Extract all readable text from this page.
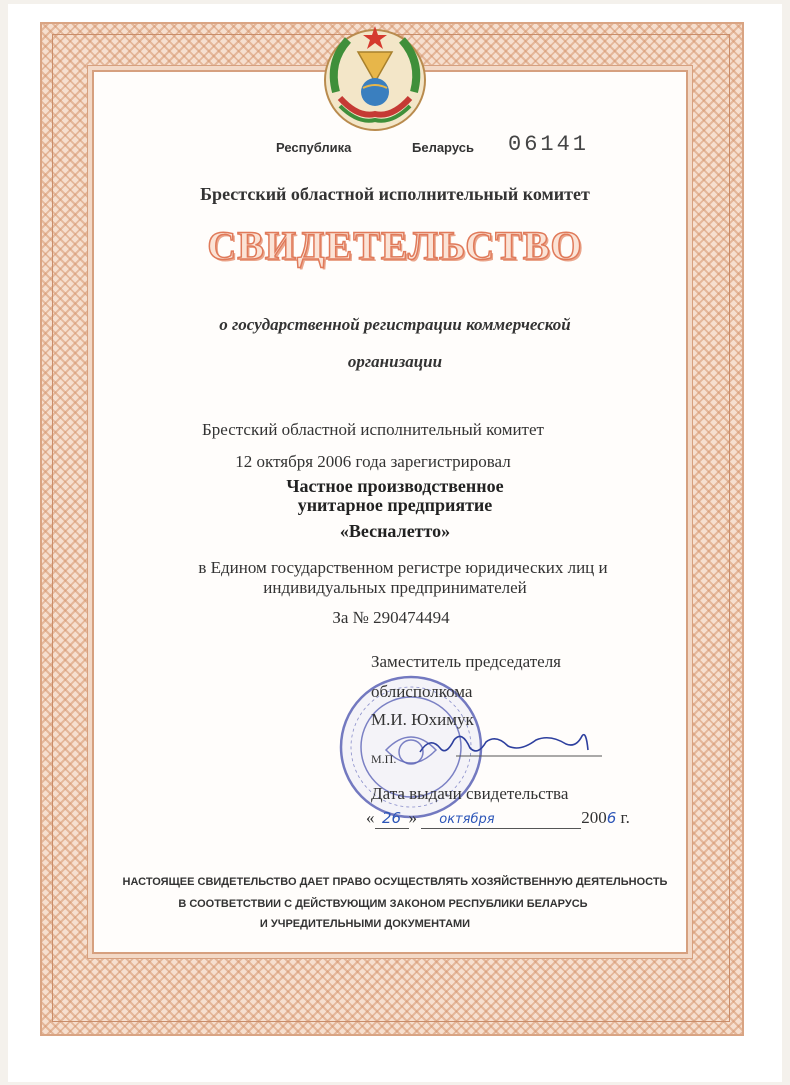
Республика	Беларусь 06141
Брестский областной исполнительный комитет
СВИДЕТЕЛЬСТВО
о государственной регистрации коммерческой
организации
Брестский областной исполнительный комитет
12 октября 2006 года зарегистрировал
Частное производственное
унитарное предприятие
«Весналетто»
в Едином государственном регистре юридических лиц и
индивидуальных предпринимателей
За № 290474494
Заместитель председателя
облисполкома
М.И. Юхимук
М.П.
Дата выдачи свидетельства
« 26 » октября	2006 г.
НАСТОЯЩЕЕ СВИДЕТЕЛЬСТВО ДАЕТ ПРАВО ОСУЩЕСТВЛЯТЬ ХОЗЯЙСТВЕННУЮ ДЕЯТЕЛЬНОСТЬ
В СООТВЕТСТВИИ С ДЕЙСТВУЮЩИМ ЗАКОНОМ РЕСПУБЛИКИ БЕЛАРУСЬ
И УЧРЕДИТЕЛЬНЫМИ ДОКУМЕНТАМИ
